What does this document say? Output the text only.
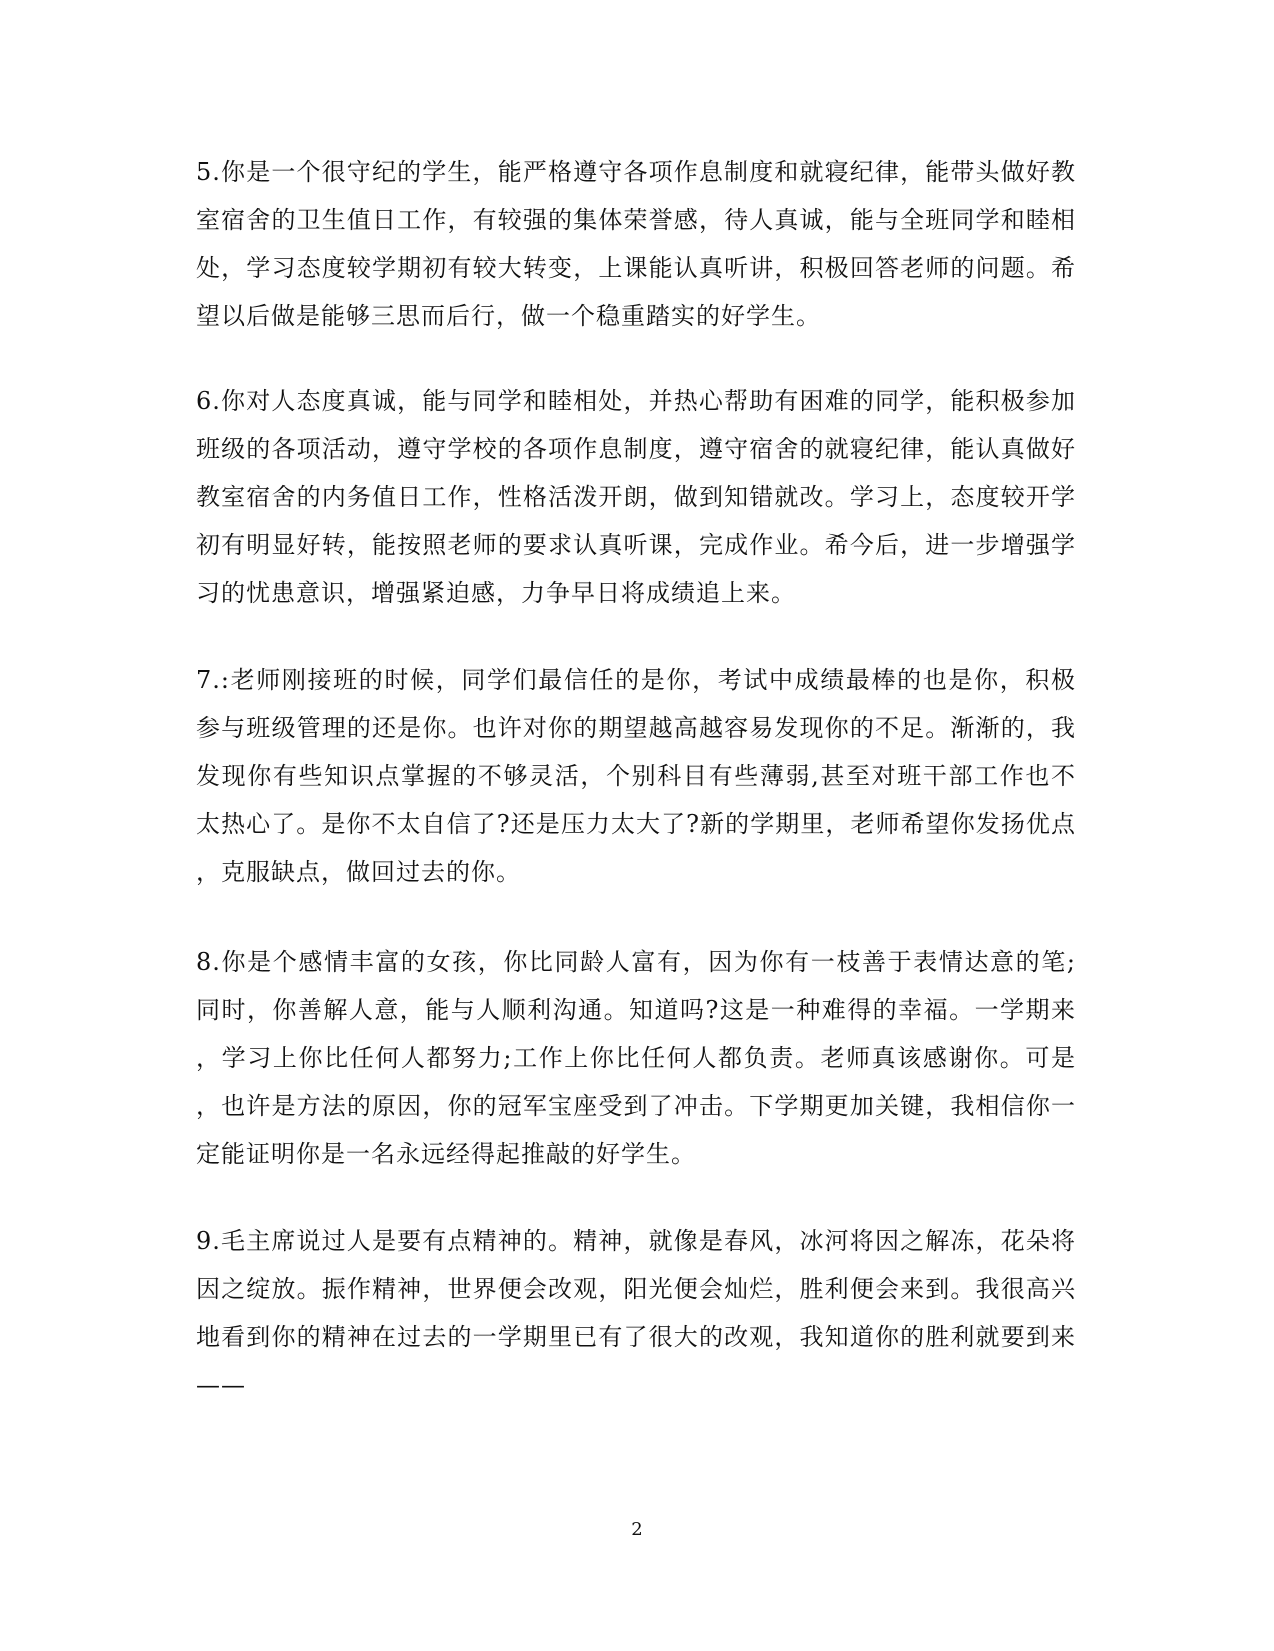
5.你是一个很守纪的学生，能严格遵守各项作息制度和就寝纪律，能带头做好教
室宿舍的卫生值日工作，有较强的集体荣誉感，待人真诚，能与全班同学和睦相
处，学习态度较学期初有较大转变，上课能认真听讲，积极回答老师的问题。希
望以后做是能够三思而后行，做一个稳重踏实的好学生。
6.你对人态度真诚，能与同学和睦相处，并热心帮助有困难的同学，能积极参加
班级的各项活动，遵守学校的各项作息制度，遵守宿舍的就寝纪律，能认真做好
教室宿舍的内务值日工作，性格活泼开朗，做到知错就改。学习上，态度较开学
初有明显好转，能按照老师的要求认真听课，完成作业。希今后，进一步增强学
习的忧患意识，增强紧迫感，力争早日将成绩追上来。
7.:老师刚接班的时候，同学们最信任的是你，考试中成绩最棒的也是你，积极
参与班级管理的还是你。也许对你的期望越高越容易发现你的不足。渐渐的，我
发现你有些知识点掌握的不够灵活，个别科目有些薄弱,甚至对班干部工作也不
太热心了。是你不太自信了?还是压力太大了?新的学期里，老师希望你发扬优点
，克服缺点，做回过去的你。
8.你是个感情丰富的女孩，你比同龄人富有，因为你有一枝善于表情达意的笔;
同时，你善解人意，能与人顺利沟通。知道吗?这是一种难得的幸福。一学期来
，学习上你比任何人都努力;工作上你比任何人都负责。老师真该感谢你。可是
，也许是方法的原因，你的冠军宝座受到了冲击。下学期更加关键，我相信你一
定能证明你是一名永远经得起推敲的好学生。
9.毛主席说过人是要有点精神的。精神，就像是春风，冰河将因之解冻，花朵将
因之绽放。振作精神，世界便会改观，阳光便会灿烂，胜利便会来到。我很高兴
地看到你的精神在过去的一学期里已有了很大的改观，我知道你的胜利就要到来
——
2
